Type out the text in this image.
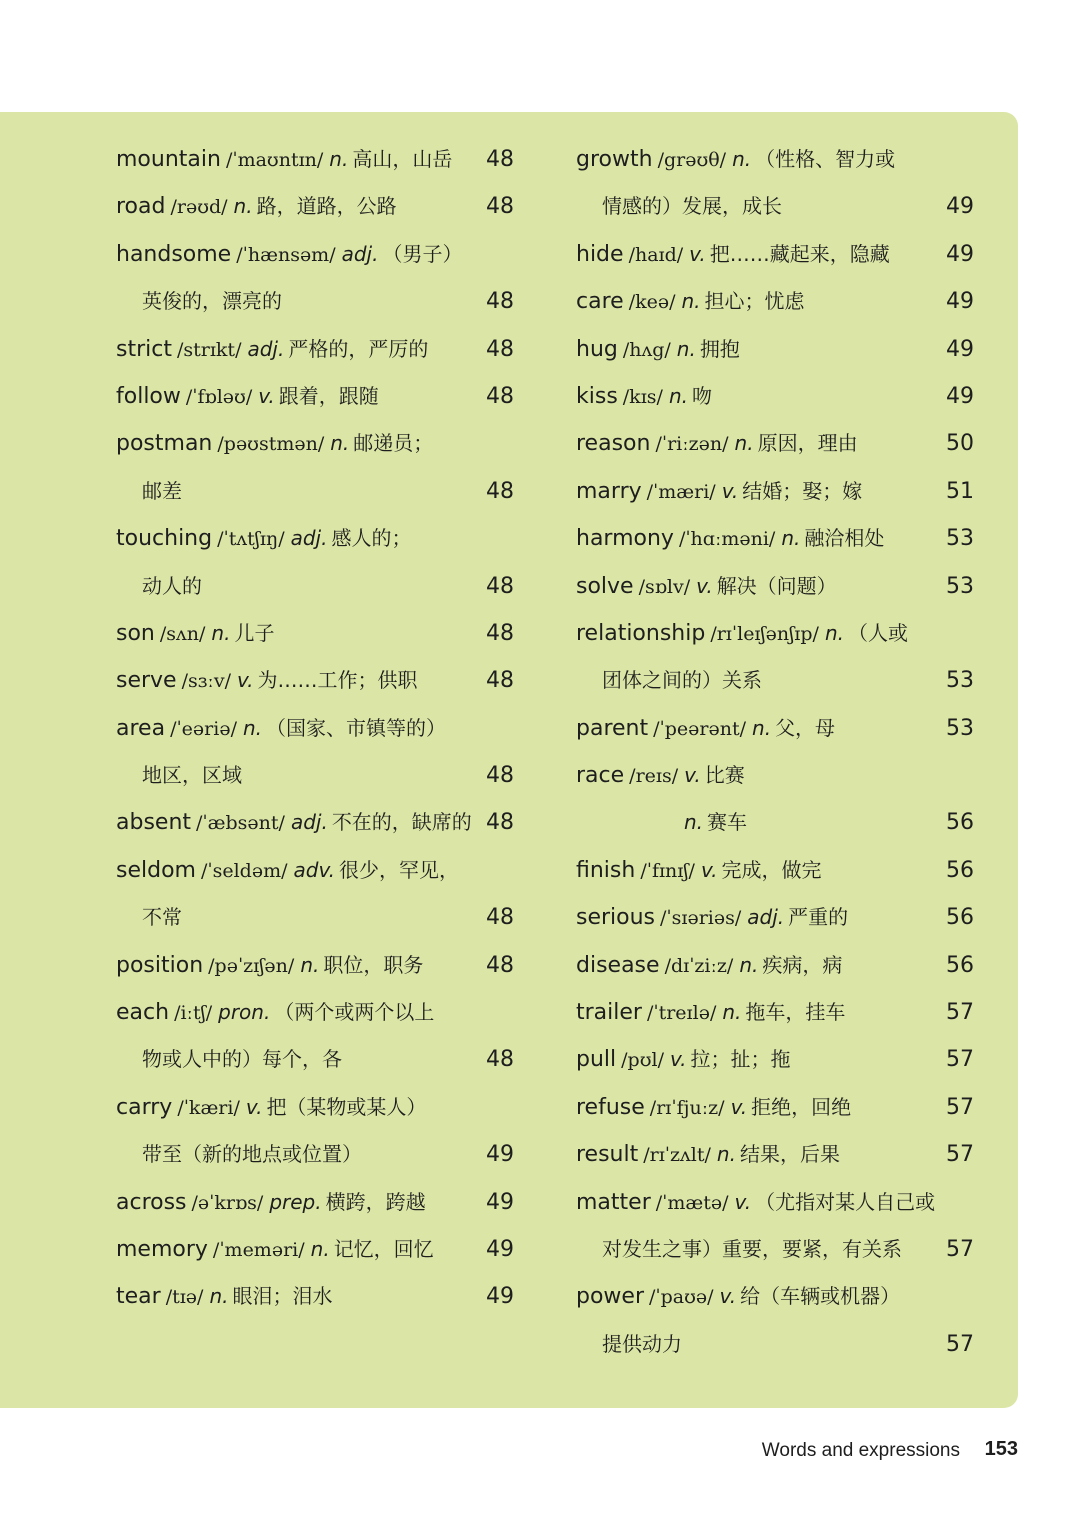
mountain /ˈmaʊntɪn/ n. 高山，山岳 48
road /rəʊd/ n. 路，道路，公路	48
handsome /ˈhænsəm/ adj. （男子）
英俊的，漂亮的	48
strict /strɪkt/ adj. 严格的，严厉的	48
follow /ˈfɒləʊ/ v. 跟着，跟随	48
postman /pəʊstmən/ n. 邮递员；
邮差	48
touching /ˈtʌtʃɪŋ/ adj. 感人的；
动人的	48
son /sʌn/ n. 儿子	48
serve /sɜːv/ v. 为……工作；供职	48
area /ˈeəriə/ n. （国家、市镇等的）
地区，区域	48
absent /ˈæbsənt/ adj. 不在的，缺席的 48
seldom /ˈseldəm/ adv. 很少，罕见，
不常	48
position /pəˈzɪʃən/ n. 职位，职务	48
each /iːtʃ/ pron. （两个或两个以上
物或人中的）每个，各	48
carry /ˈkæri/ v. 把（某物或某人）
带至（新的地点或位置）	49
across /əˈkrɒs/ prep. 横跨，跨越	49
memory /ˈmeməri/ n. 记忆，回忆 49
tear /tɪə/ n. 眼泪；泪水	49
growth /grəʊθ/ n. （性格、智力或
情感的）发展，成长	49
hide /haɪd/ v. 把……藏起来，隐藏	49
care /keə/ n. 担心；忧虑	49
hug /hʌg/ n. 拥抱	49
kiss /kɪs/ n. 吻	49
reason /ˈriːzən/ n. 原因，理由	50
marry /ˈmæri/ v. 结婚；娶；嫁	51
harmony /ˈhɑːməni/ n. 融洽相处	53
solve /sɒlv/ v. 解决（问题）	53
relationship /rɪˈleɪʃənʃɪp/ n. （人或
团体之间的）关系	53
parent /ˈpeərənt/ n. 父，母	53
race /reɪs/ v. 比赛
n. 赛车	56
finish /ˈfɪnɪʃ/ v. 完成，做完	56
serious /ˈsɪəriəs/ adj. 严重的	56
disease /dɪˈziːz/ n. 疾病，病	56
trailer /ˈtreɪlə/ n. 拖车，挂车	57
pull /pʊl/ v. 拉；扯；拖	57
refuse /rɪˈfjuːz/ v. 拒绝，回绝	57
result /rɪˈzʌlt/ n. 结果，后果	57
matter /ˈmætə/ v. （尤指对某人自己或
对发生之事）重要，要紧，有关系 57
power /ˈpaʊə/ v. 给（车辆或机器）
提供动力	57
Words and expressions 153
